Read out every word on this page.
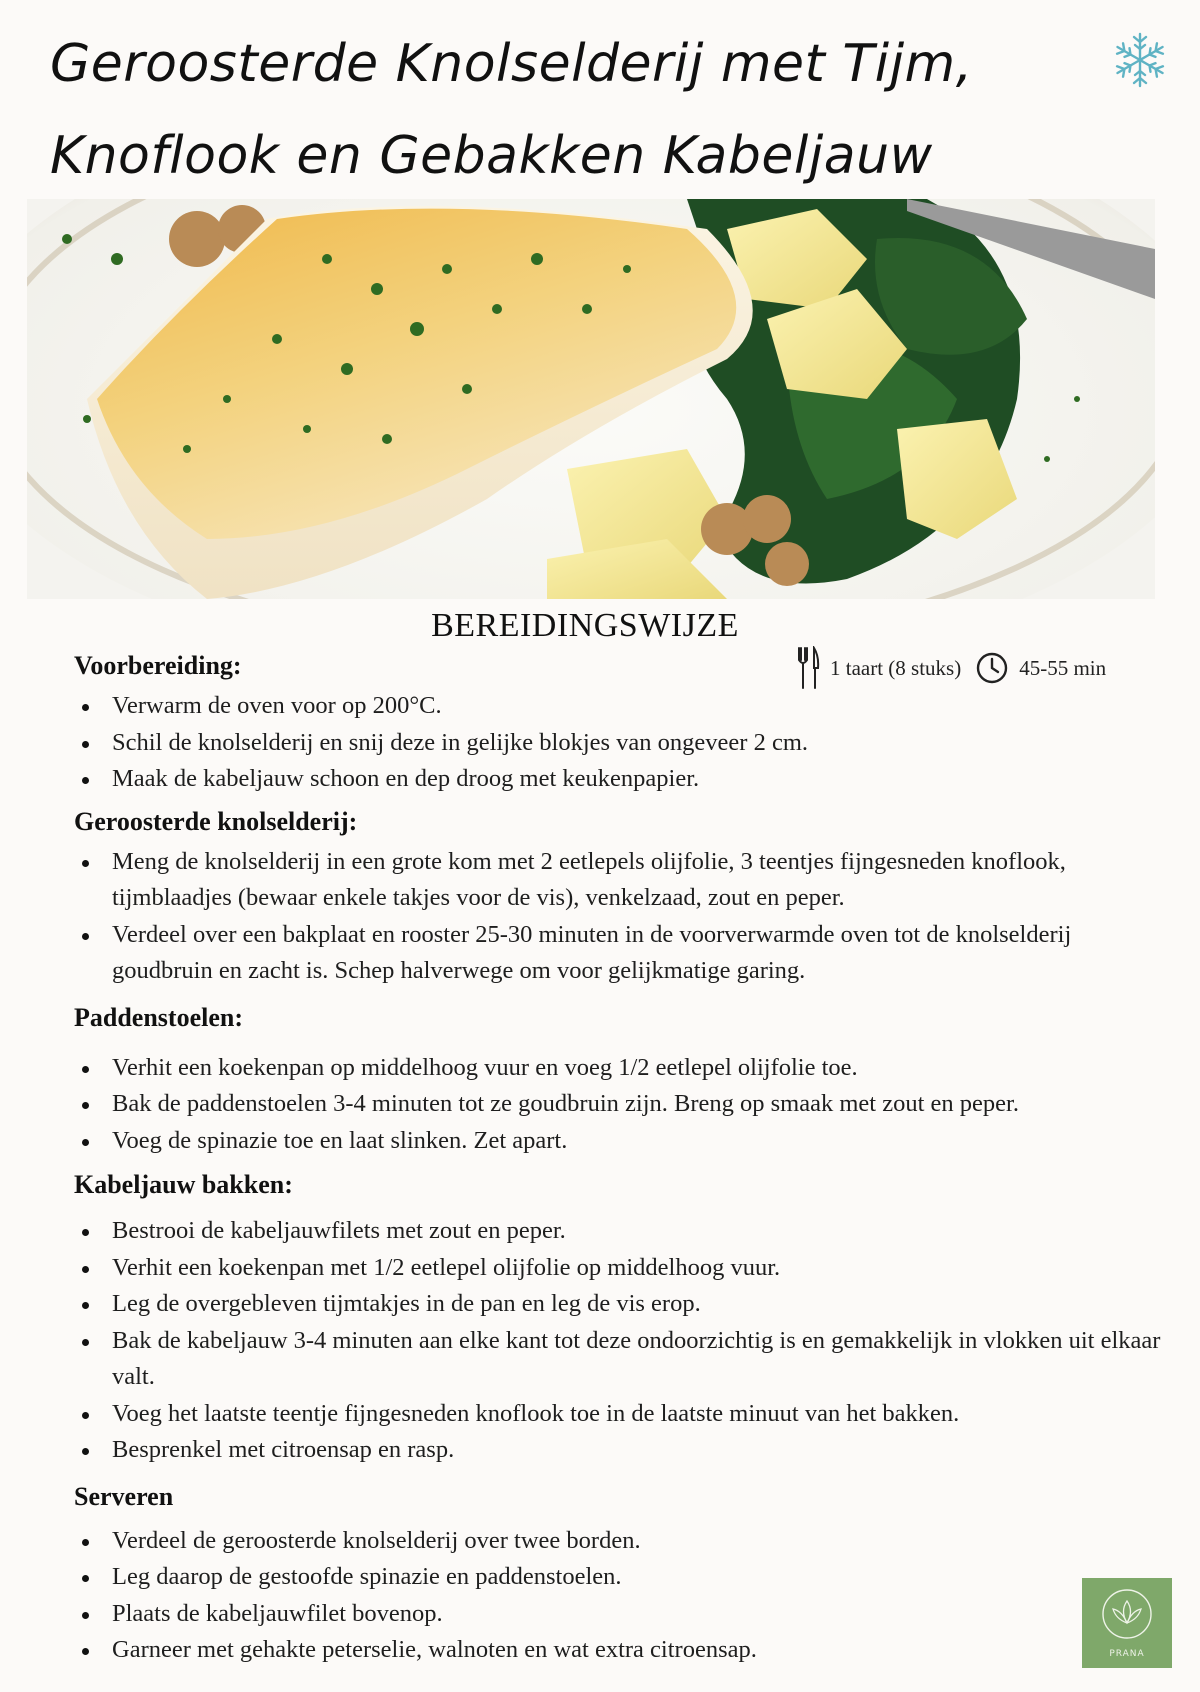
Geroosterde Knolselderij met Tijm, Knoflook en Gebakken Kabeljauw
BEREIDINGSWIJZE
1 taart (8 stuks)	45-55 min
Voorbereiding:
Verwarm de oven voor op 200°C.
Schil de knolselderij en snij deze in gelijke blokjes van ongeveer 2 cm.
Maak de kabeljauw schoon en dep droog met keukenpapier.
Geroosterde knolselderij:
Meng de knolselderij in een grote kom met 2 eetlepels olijfolie, 3 teentjes fijngesneden knoflook, tijmblaadjes (bewaar enkele takjes voor de vis), venkelzaad, zout en peper.
Verdeel over een bakplaat en rooster 25-30 minuten in de voorverwarmde oven tot de knolselderij goudbruin en zacht is. Schep halverwege om voor gelijkmatige garing.
Paddenstoelen:
Verhit een koekenpan op middelhoog vuur en voeg 1/2 eetlepel olijfolie toe.
Bak de paddenstoelen 3-4 minuten tot ze goudbruin zijn. Breng op smaak met zout en peper.
Voeg de spinazie toe en laat slinken. Zet apart.
Kabeljauw bakken:
Bestrooi de kabeljauwfilets met zout en peper.
Verhit een koekenpan met 1/2 eetlepel olijfolie op middelhoog vuur.
Leg de overgebleven tijmtakjes in de pan en leg de vis erop.
Bak de kabeljauw 3-4 minuten aan elke kant tot deze ondoorzichtig is en gemakkelijk in vlokken uit elkaar valt.
Voeg het laatste teentje fijngesneden knoflook toe in de laatste minuut van het bakken.
Besprenkel met citroensap en rasp.
Serveren
Verdeel de geroosterde knolselderij over twee borden.
Leg daarop de gestoofde spinazie en paddenstoelen.
Plaats de kabeljauwfilet bovenop.
Garneer met gehakte peterselie, walnoten en wat extra citroensap.	PRANA
